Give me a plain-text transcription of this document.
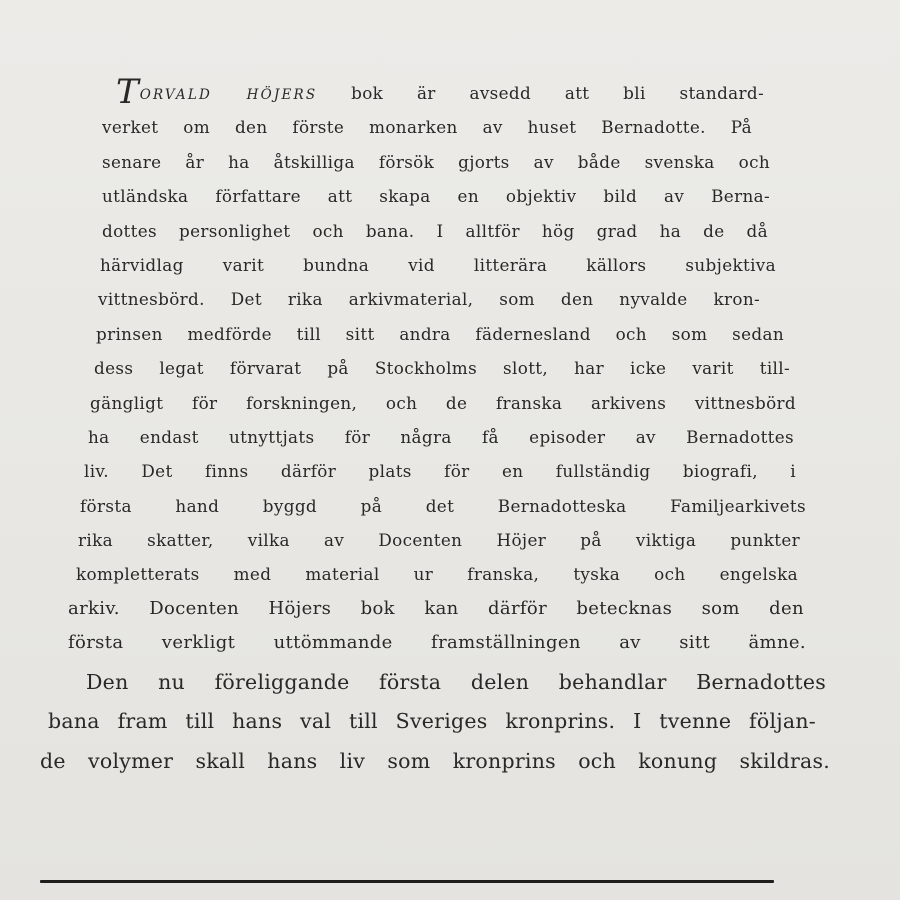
TORVALD HÖJERS bok är avsedd att bli standard-
verket om den förste monarken av huset Bernadotte. På
senare år ha åtskilliga försök gjorts av både svenska och
utländska författare att skapa en objektiv bild av Berna-
dottes personlighet och bana. I alltför hög grad ha de då
härvidlag varit bundna vid litterära källors subjektiva
vittnesbörd. Det rika arkivmaterial, som den nyvalde kron-
prinsen medförde till sitt andra fädernesland och som sedan
dess legat förvarat på Stockholms slott, har icke varit till-
gängligt för forskningen, och de franska arkivens vittnesbörd
ha endast utnyttjats för några få episoder av Bernadottes
liv. Det finns därför plats för en fullständig biografi, i
första hand byggd på det Bernadotteska Familjearkivets
rika skatter, vilka av Docenten Höjer på viktiga punkter
kompletterats med material ur franska, tyska och engelska
arkiv. Docenten Höjers bok kan därför betecknas som den
första verkligt uttömmande framställningen av sitt ämne.
Den nu föreliggande första delen behandlar Bernadottes
bana fram till hans val till Sveriges kronprins. I tvenne följan-
de volymer skall hans liv som kronprins och konung skildras.
